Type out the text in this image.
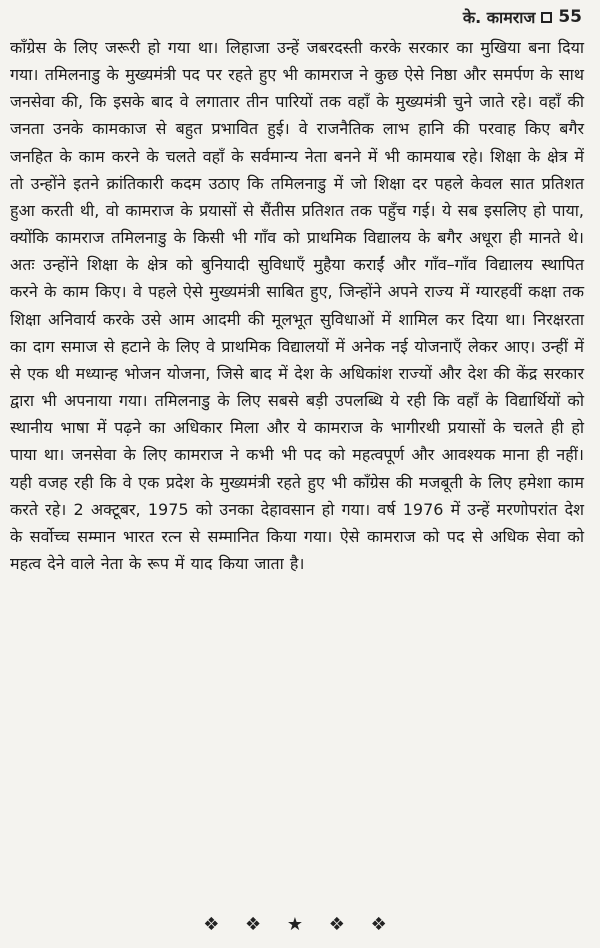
के. कामराज 55

काँग्रेस के लिए जरूरी हो गया था। लिहाजा उन्हें जबरदस्ती करके सरकार का मुखिया बना दिया गया। तमिलनाडु के मुख्यमंत्री पद पर रहते हुए भी कामराज ने कुछ ऐसे निष्ठा और समर्पण के साथ जनसेवा की, कि इसके बाद वे लगातार तीन पारियों तक वहाँ के मुख्यमंत्री चुने जाते रहे। वहाँ की जनता उनके कामकाज से बहुत प्रभावित हुई। वे राजनैतिक लाभ हानि की परवाह किए बगैर जनहित के काम करने के चलते वहाँ के सर्वमान्य नेता बनने में भी कामयाब रहे। शिक्षा के क्षेत्र में तो उन्होंने इतने क्रांतिकारी कदम उठाए कि तमिलनाडु में जो शिक्षा दर पहले केवल सात प्रतिशत हुआ करती थी, वो कामराज के प्रयासों से सैंतीस प्रतिशत तक पहुँच गई। ये सब इसलिए हो पाया, क्योंकि कामराज तमिलनाडु के किसी भी गाँव को प्राथमिक विद्यालय के बगैर अधूरा ही मानते थे। अतः उन्होंने शिक्षा के क्षेत्र को बुनियादी सुविधाएँ मुहैया कराईं और गाँव–गाँव विद्यालय स्थापित करने के काम किए। वे पहले ऐसे मुख्यमंत्री साबित हुए, जिन्होंने अपने राज्य में ग्यारहवीं कक्षा तक शिक्षा अनिवार्य करके उसे आम आदमी की मूलभूत सुविधाओं में शामिल कर दिया था। निरक्षरता का दाग समाज से हटाने के लिए वे प्राथमिक विद्यालयों में अनेक नई योजनाएँ लेकर आए। उन्हीं में से एक थी मध्यान्ह भोजन योजना, जिसे बाद में देश के अधिकांश राज्यों और देश की केंद्र सरकार द्वारा भी अपनाया गया। तमिलनाडु के लिए सबसे बड़ी उपलब्धि ये रही कि वहाँ के विद्यार्थियों को स्थानीय भाषा में पढ़ने का अधिकार मिला और ये कामराज के भागीरथी प्रयासों के चलते ही हो पाया था। जनसेवा के लिए कामराज ने कभी भी पद को महत्वपूर्ण और आवश्यक माना ही नहीं। यही वजह रही कि वे एक प्रदेश के मुख्यमंत्री रहते हुए भी काँग्रेस की मजबूती के लिए हमेशा काम करते रहे। 2 अक्टूबर, 1975 को उनका देहावसान हो गया। वर्ष 1976 में उन्हें मरणोपरांत देश के सर्वोच्च सम्मान भारत रत्न से सम्मानित किया गया। ऐसे कामराज को पद से अधिक सेवा को महत्व देने वाले नेता के रूप में याद किया जाता है।

❖ ❖ ★ ❖ ❖
